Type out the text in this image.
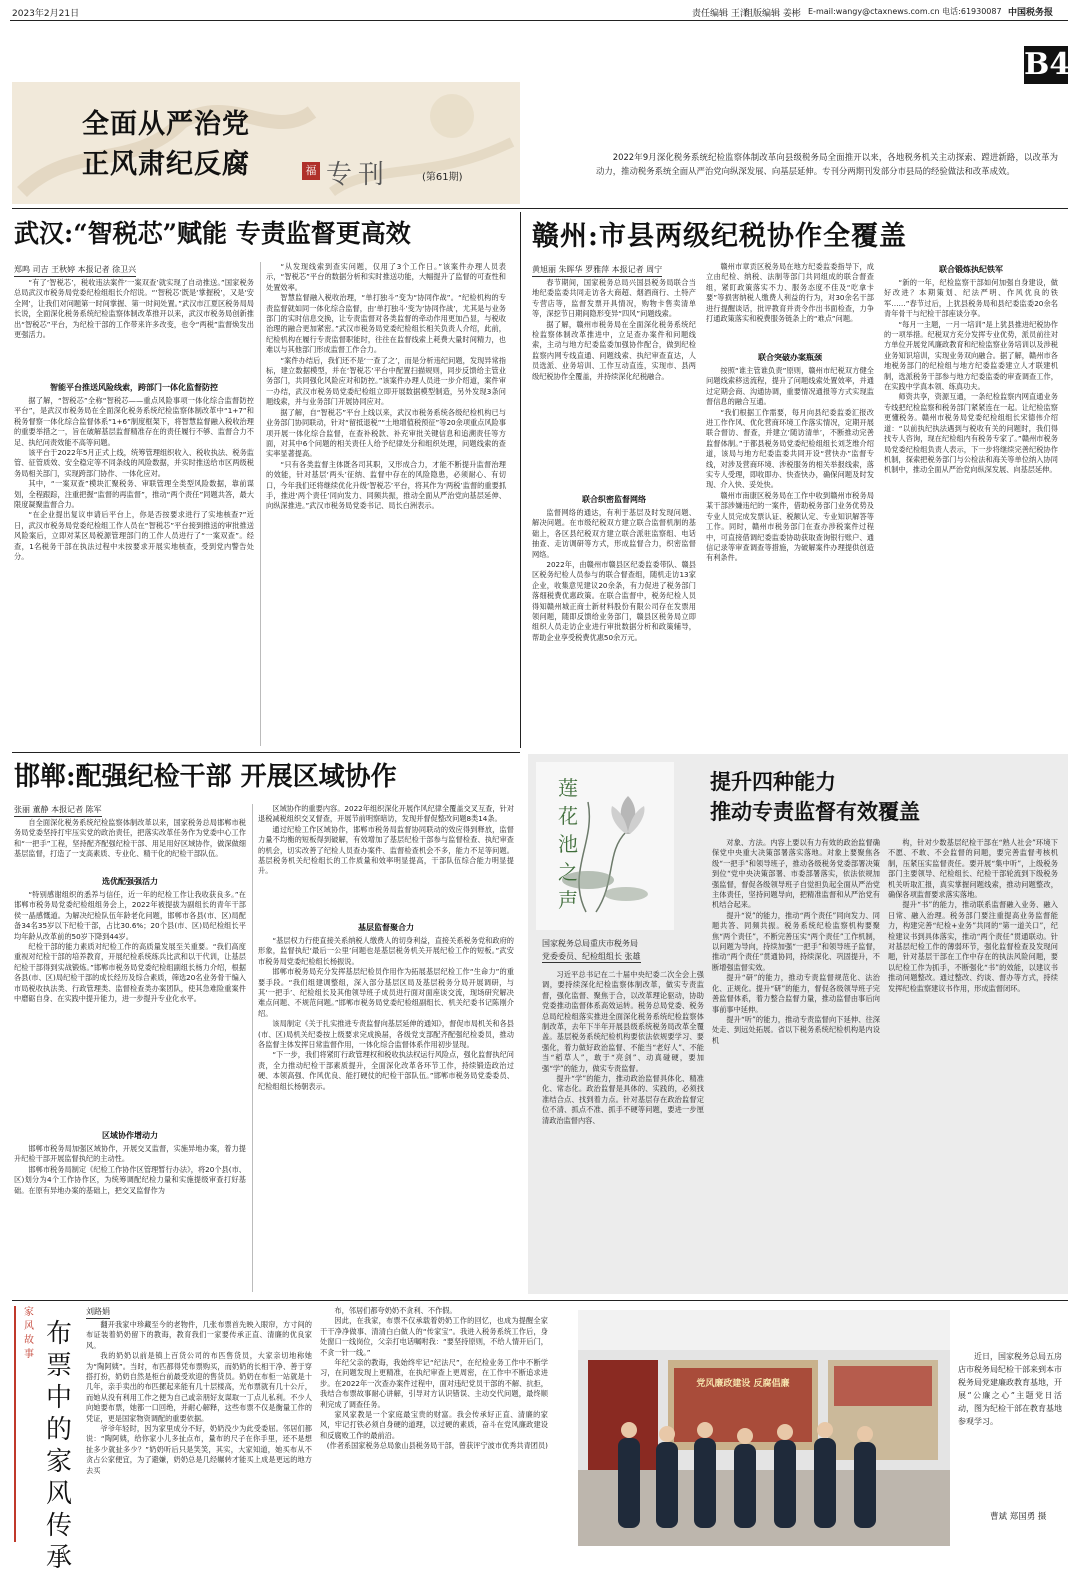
2023年2月21日	责任编辑 王洋
组版编辑 姜彬 E-mail:wangy@ctaxnews.com.cn 电话:61930087 中国税务报
B4
全面从严治党
正风肃纪反腐	福 专刊	(第61期)
2022年9月深化税务系统纪检监察体制改革向县级税务局全面推开以来，各地税务机关主动探索、蹚进新路，以改革为动力，推动税务系统全面从严治党向纵深发展、向基层延伸。专刊分两期刊发部分市县局的经验做法和改革成效。
武汉:“智税芯”赋能 专责监督更高效
郑鸣 司吉 王秋婷 本报记者 徐卫兴

“有了‘智税芯’，税收违法案件‘一案双查’就实现了自动推送。”国家税务总局武汉市税务局党委纪检组组长介绍说。“‘智税芯’既是‘掌握税’，又是‘安全网’，让我们对问题第一时间掌握、第一时间处置。”武汉市江夏区税务局局长说，全面深化税务系统纪检监察体制改革推开以来，武汉市税务局创新推出“智税芯”平台，为纪检干部的工作带来许多改变，也令“两税”监督焕发出更强活力。

智能平台推送风险线索，跨部门一体化监督防控

据了解，“智税芯”全称“智税芯——重点风险事项一体化综合监督防控平台”，是武汉市税务局在全面深化税务系统纪检监察体制改革中“1+7”和税务督察一体化综合监督体系“1+6”制度框架下，将智慧监督融入税收治理的重要举措之一，旨在破解基层监督精准存在的责任履行不够、监督合力不足、执纪问责效能不高等问题。

该平台于2022年5月正式上线，统筹管理组织收入、税收执法、税务监管、征管质效、安全稳定等不同条线的风险数据，并实时推送给市区两级税务局相关部门，实现跨部门协作、一体化应对。

其中，“一案双查”模块汇聚税务、审联管理全类型风险数据，靠前谋划，全程跟踪，注重把握“监督的再监督”，推动“两个责任”同题共答，最大限度凝聚监督合力。

“在企业提出复议申请后平台上，你是否按要求进行了实地核查?”近日，武汉市税务局党委纪检组工作人员在“智税芯”平台接到推送的审批推送风险案后，立即对某区局税源管理部门的工作人员进行了“一案双查”。经查，1名税务干部在执法过程中未按要求开展实地核查，受到党内警告处分。

“从发现线索到查实问题，仅用了3个工作日。”该案件办理人员表示，“智税芯”平台的数据分析和实时推送功能，大幅提升了监督的可查性和处置效率。

智慧监督融入税收治理，“单打独斗”变为“协同作战”。“纪检机构的专责监督就如同一体化综合监督，由‘单打独斗’变为‘协同作战’，尤其是与业务部门的实时信息交换，让专责监督对各类监督的牵动作用更加凸显，与税收治理的融合更加紧密。”武汉市税务局党委纪检组长相关负责人介绍，此前，纪检机构在履行专责监督职能时，往往在监督线索上耗费大量时间精力，也难以与其他部门形成监督工作合力。

“案件办结后，我们还不是‘一查了之’，而是分析违纪问题，发现异常指标，建立数据模型，并在‘智税芯’平台中配置扫描规则，同步反馈给主管业务部门，共同强化风险应对和防控。”该案件办理人员进一步介绍道，案件审一办结，武汉市税务局党委纪检组立即开展数据模型制造，另外发现3条问题线索，并与业务部门开展协同应对。

据了解，自“智税芯”平台上线以来，武汉市税务系统各级纪检机构已与业务部门协同联动，针对“留抵退税”“土地增值税预征”等20余项重点风险事项开展一体化综合监督，在查补税款、补充审批关键信息和追溯责任等方面，对其中6个问题的相关责任人给予纪律处分和组织处理，问题线索的查实率显著提高。

“只有各类监督主体既各司其职，又形成合力，才能不断提升监督治理的效能，针对基层‘两头’征纳、监督中存在的风险隐患，必须耐心、有切口，今年我们还将继续优化升级‘智税芯’平台，将其作为‘两税’监督的重要抓手，推进‘两个责任’同向发力、同频共振，推动全面从严治党向基层延伸、向纵深推进。”武汉市税务局党委书记、局长白洲表示。

赣州:市县两级纪税协作全覆盖
黄旭丽 朱晖华 罗雅萍 本报记者 周宁

春节期间，国家税务总局兴国县税务局联合当地纪委监委共同走访各大商超、烟酒商行、土特产专营店等，监督发票开具情况，购物卡售卖清单等，深挖节日期间隐形变异“四风”问题线索。

据了解，赣州市税务局在全面深化税务系统纪检监察体制改革推进中，立足查办案件和问题线索，主动与地方纪委监委加强协作配合，做到纪检监察内网专线直通、问题线索、执纪审查直达，人员选派、业务培训、工作互动直连，实现市、县两级纪税协作全覆盖，并持续深化纪税融合。

联合织密监督网络

监督网络的通达，有利于基层及时发现问题、解决问题。在市级纪税双方建立联合监督机制的基础上，各区县纪税双方建立联合派驻监察组、电话抽查、走访调研等方式，形成监督合力，织密监督网络。

2022年，由赣州市赣县区纪委监委带队、赣县区税务纪检人员参与的联合督查组，随机走访13家企业，收集意见建议20余条，有力促进了税务部门落细税费优惠政策。在联合监督中，税务纪检人员得知赣州城正商士新材料股份有限公司存在发票用领问题，随即反馈给业务部门，赣县区税务局立即组织人员走访企业进行审批数据分析和政策辅导，帮助企业享受税费优惠50余万元。

赣州市章贡区税务局在地方纪委监委指导下，成立由纪检、纳税、法制等部门共同组成的联合督查组，紧盯政策落实不力、服务态度不佳及“吃拿卡要”等损害纳税人缴费人利益的行为，对30余名干部进行提醒谈话，批评教育并责令作出书面检查，力争打通政策落实和税费服务链条上的“难点”问题。

联合突破办案瓶颈

按照“谁主管谁负责”原则，赣州市纪税双方健全问题线索移送流程，提升了问题线索处置效率，并通过定期会商、沟通协调，重要情况通报等方式实现监督信息的融合互通。

“我们根据工作需要，每月向县纪委监委汇报改进工作作风、优化营商环境工作落实情况，定期开展联合督访、督查，并建立‘随访清单’，不断推动完善监督体制。”于都县税务局党委纪检组组长刘芝维介绍道，该局与地方纪委监委共同开设“营快办”监督专线，对涉及营商环境、涉税服务的相关举报线索，落实专人受理，即收即办、快查快办，确保问题及时发现、介入快、妥处快。

赣州市南康区税务局在工作中收到赣州市税务局某干部涉嫌违纪的一案件，借助税务部门业务优势及专业人员完成发票认证、税额认定、专业知识解答等工作。同时，赣州市税务部门在查办涉税案件过程中，可直接借调纪委监委协助获取查询银行账户、通信记录等审查调查等措施，为破解案件办理提供创造有利条件。

联合锻炼执纪铁军

“新的一年，纪检监察干部如何加强自身建设，做好改进？本期策划、纪法严明、作风优良的铁军……”春节过后，上犹县税务局和县纪委监委20余名青年骨干与纪检干部座谈分享。

“每月一主题，一月一培训”是上犹县推进纪税协作的一项举措。纪税双方充分发挥专业优势，派员前往对方单位开展党风廉政教育和纪检监察业务培训以及涉税业务知识培训，实现业务双向融合。据了解，赣州市各地税务部门的纪检组与地方纪委监委建立人才联建机制，选派税务干部参与地方纪委监委的审查调查工作，在实践中学真本领、练真功夫。

师资共享，资源互通，一条纪检监察内网直通业务专线把纪检监察和税务部门紧紧连在一起。让纪检监察更懂税务。赣州市税务局党委纪检组组长宋德伟介绍道：“以前执纪执法遇到与税收有关的问题时，我们得找专人咨询，现在纪检组内有税务专家了。”赣州市税务局党委纪检组负责人表示，下一步将继续完善纪税协作机制，探索把税务部门与公检法和海关等单位纳入协同机制中，推动全面从严治党向纵深发展、向基层延伸。

邯郸:配强纪检干部 开展区域协作
张丽 董静 本报记者 陈军

自全面深化税务系统纪检监察体制改革以来，国家税务总局邯郸市税务局党委坚持打牢压实党的政治责任，把落实改革任务作为党委中心工作和“一把手”工程，坚持配齐配强纪检干部、用足用好区域协作，做深做细基层监督，打造了一支高素质、专业化、精干化的纪检干部队伍。

选优配强强活力

“特别感谢组织的悉养与信任，近一年的纪检工作让我收获良多。”在邯郸市税务局党委纪检组组务会上，2022年被提拔为副组长的青年干部侯一晶感慨道。为解决纪检队伍年龄老化问题，邯郸市各县(市、区)局配备34名35岁以下纪检干部，占比30.6%；20个县(市、区)局纪检组长平均年龄从改革前的50岁下降到44岁。

纪检干部的能力素质对纪检工作的高质量发展至关重要。“我们高度重视对纪检干部的培养教育，开展纪检系统练兵比武和以干代训，让基层纪检干部得到实战锻炼。”邯郸市税务局党委纪检组副组长杨力介绍，根据各县(市、区)局纪检干部的成长经历及综合素质，筛选20名业务骨干编入市局税收执法类、行政管理类、监督检查类办案团队，使其急难险重案件中磨砺自身、在实践中提升能力，进一步提升专业化水平。

区域协作增动力

邯郸市税务局加强区域协作，开展交叉监督，实施异地办案，着力提升纪检干部开展监督执纪的主动性。

邯郸市税务局制定《纪检工作协作区管理暂行办法》，将20个县(市、区)划分为4个工作协作区，为统筹调配纪检力量和实施提级审查打好基础。在原有异地办案的基础上，把交叉监督作为

区域协作的重要内容。2022年组织深化开展作风纪律全覆盖交叉互查，针对退税减税组织交叉督查，开展节前明察暗访，发现并督促整改问题8类14条。

通过纪检工作区域协作，邯郸市税务局监督协同联动的效应得到释放，监督力量不均衡的短板得到破解，有效增加了基层纪检干部参与监督检查、执纪审查的机会，切实改善了纪检人员查办案件、监督检查机会不多，能力不足等问题。基层税务机关纪检组长的工作质量和效率明显提高，干部队伍综合能力明显提升。

基层监督聚合力

“基层权力行使直接关系纳税人缴费人的切身利益，直接关系税务党和政府的形象，监督执纪‘最后一公里’问题也是基层税务机关开展纪检工作的短板。”武安市税务局党委纪检组长杨振说。

邯郸市税务局充分发挥基层纪检员作用作为拓展基层纪检工作“生命力”的重要手段。“我们组建调整组，深入部分基层区局及基层税务分局开展调研，与其‘一把手’、纪检组长及其他领导班子成员进行面对面座谈交流，现场研究解决难点问题、不规范问题。”邯郸市税务局党委纪检组副组长、机关纪委书记陈刚介绍。

该局制定《关于扎实推进专责监督向基层延伸的通知》，督促市局机关和各县(市、区)局机关纪委按上级要求完成换届，各级党支部配齐配强纪检委员，推动各监督主体发挥日常监督作用，一体化综合监督体系作用初步显现。

“下一步，我们将紧盯行政管理权和税收执法权运行风险点，强化监督执纪问责，全力推动纪检干部素质提升，全面深化改革各环节工作，持续锻造政治过硬、本领高强、作风优良、能打硬仗的纪检干部队伍。”邯郸市税务局党委委员、纪检组组长杨朝表示。

莲花池之声
提升四种能力
推动专责监督有效覆盖
国家税务总局重庆市税务局
党委委员、纪检组组长 张雄

习近平总书记在二十届中央纪委二次全会上强调，要持续深化纪检监察体制改革，做实专责监督，强化监督、聚焦于合，以改革理论驱动，协助党委推动监督体系高效运转。税务总局党委、税务总局纪检组落实推进全面深化税务系统纪检监察体制改革，去年下半年开展县级系统税务局改革全覆盖。基层税务系统纪检机构要依法依规要学习、要强化，着力做好政治监督、不能当“老好人”、不能当“稻草人”，敢于“亮剑”、动真碰硬，要加强“学”的能力，做实专责监督。

提升“学”的能力，推动政治监督具体化、精准化、常态化。政治监督是具体的、实践的，必须找准结合点、找到着力点。针对基层存在政治监督定位不清、抓点不准、抓手不硬等问题，要进一步厘清政治监督内容、

对象、方法。内容上要以有力有效的政治监督确保党中央重大决策部署落实落地。对象上要聚焦各级“一把手”和领导班子，推动各级税务党委部署决策到位“党中央决策部署、市委部署落实，依法依规加强监督，督促各级领导班子自觉担负起全面从严治党主体责任，坚持问题导向，把精准监督和从严治党有机结合起来。

提升“说”的能力，推动“两个责任”同向发力、同题共答、同频共振。税务系统纪检监察机构要聚焦“两个责任”，不断完善压实“两个责任”工作机制，以问题为导向，持续加强“一把手”和领导班子监督，推动“两个责任”贯通协同，持续深化、巩固提升，不断增强监督实效。

提升“研”的能力，推动专责监督规范化、法治化、正规化。提升“研”的能力，督促各级领导班子完善监督体系，着力整合监督力量，推动监督由事后向事前事中延伸。

提升“听”的能力，推动专责监督向下延伸、往深处走、到远处拓展。省以下税务系统纪检机构是内设机

构，针对少数基层纪检干部在“熟人社会”环境下不愿、不敢、不会监督的问题，要完善监督考核机制，压紧压实监督责任。要开展“集中听”，上级税务部门主要领导、纪检组长、纪检干部轮流到下级税务机关听取汇报，真实掌握问题线索，推动问题整改，确保各项监督要求落实落地。

提升“书”的能力，推动联系监督融入业务、融入日常、融入治理。税务部门要注重提高业务监督能力，构建完善“纪检+业务”共同的“第一道关口”，纪检建议书到具体落实，推动“两个责任”贯通联动。针对基层纪检工作的薄弱环节，强化监督检查及发现问题，针对基层干部在工作中存在的执法风险问题，要以纪检工作为抓手，不断强化“书”的效能，以建议书推动问题整改。通过整改、约谈、督办等方式，持续发挥纪检监察建议书作用，形成监督闭环。

家风故事
布票中的家风传承
刘路娟

翻开我家中珍藏至今的老物件，几张布票首先映入眼帘，方寸间的布证装着奶奶留下的教诲，教育我们一家要传承正直、清廉的优良家风。

我的奶奶以前是镇上百货公司的布匹售货员，大家亲切地称她为“陶阿姨”。当时，布匹都得凭布票购买，而奶奶的长相干净、善于穿搭打扮，奶奶自然是柜台前最受欢迎的售货员。奶奶在布柜一站就是十几年，亲手卖出的布匹摞起来能有几十层楼高，光布票就有几十公斤，而她从没有利用工作之便为自己或亲朋好友谋取一丁点儿私利。不少人向她要布票，她都一口回绝，并耐心解释，这些布票不仅是衡量工作的凭证，更是国家物资调配的重要依据。

爷爷年轻时，因为家里成分不好，奶奶没少为此受委屈。邻居们都说：“陶阿姨，给你家小儿多扯点布，量布的尺子在你手里，还不是想扯多少就扯多少？”奶奶听后只是笑笑，其实，大家知道，她买布从不贪占公家便宜，为了避嫌，奶奶总是几经辗转才能买上成是更远的地方去买

布，邻居们都夸奶奶不贪利、不作假。

因此，在我家，布票不仅承载着奶奶工作的回忆，也成为提醒全家干干净净做事、清清白白做人的“传家宝”。我进入税务系统工作后，身处窗口一线岗位，父亲打电话嘱咐我：“要坚持原则，不给人情开后门，不贪一针一线。”

年纪父亲的教诲，我始终牢记“纪法尺”，在纪检业务工作中不断学习，在问题发现上更精准，在执纪审查上更周密，在工作中不断追求进步。在2022年一次查办案件过程中，面对违纪党员干部的不解、抗拒，我结合布票故事耐心讲解，引导对方认识错误、主动交代问题，最终顺利完成了调查任务。

家风家教是一个家庭最宝贵的财富。我会传承好正直、清廉的家风，牢记打铁必须自身硬的道理，以过硬的素质，奋斗在党风廉政建设和反腐败工作的最前沿。

(作者系国家税务总局象山县税务局干部，曾获评宁波市优秀共青团员)

党风廉政建设 反腐倡廉

近日，国家税务总局五房店市税务局纪检干部来到本市税务局党建廉政教育基地，开展“公廉之心”主题党日活动，图为纪检干部在教育基地参观学习。

曹斌 郑国勇 摄
